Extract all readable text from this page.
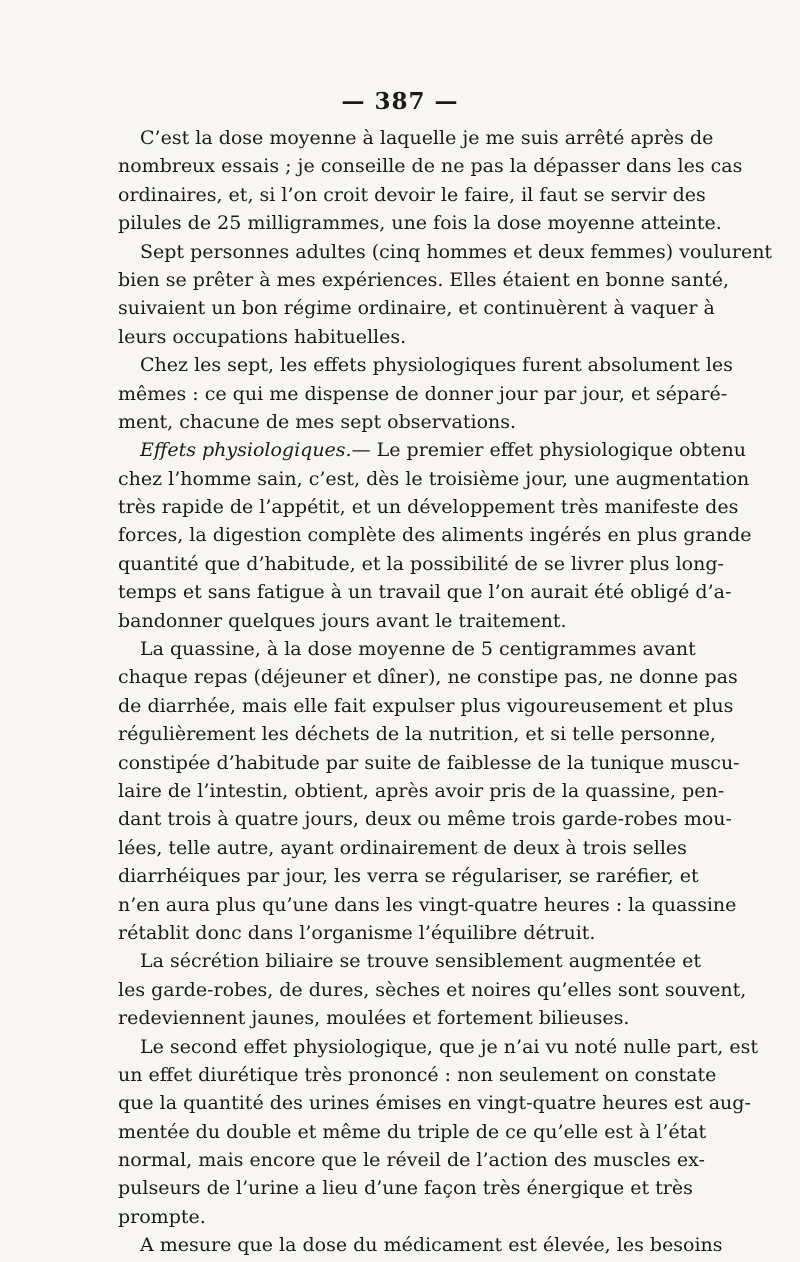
— 387 —
C’est la dose moyenne à laquelle je me suis arrêté après de
nombreux essais ; je conseille de ne pas la dépasser dans les cas
ordinaires, et, si l’on croit devoir le faire, il faut se servir des
pilules de 25 milligrammes, une fois la dose moyenne atteinte.
Sept personnes adultes (cinq hommes et deux femmes) voulurent
bien se prêter à mes expériences. Elles étaient en bonne santé,
suivaient un bon régime ordinaire, et continuèrent à vaquer à
leurs occupations habituelles.
Chez les sept, les effets physiologiques furent absolument les
mêmes : ce qui me dispense de donner jour par jour, et séparé-
ment, chacune de mes sept observations.
Effets physiologiques.— Le premier effet physiologique obtenu
chez l’homme sain, c’est, dès le troisième jour, une augmentation
très rapide de l’appétit, et un développement très manifeste des
forces, la digestion complète des aliments ingérés en plus grande
quantité que d’habitude, et la possibilité de se livrer plus long-
temps et sans fatigue à un travail que l’on aurait été obligé d’a-
bandonner quelques jours avant le traitement.
La quassine, à la dose moyenne de 5 centigrammes avant
chaque repas (déjeuner et dîner), ne constipe pas, ne donne pas
de diarrhée, mais elle fait expulser plus vigoureusement et plus
régulièrement les déchets de la nutrition, et si telle personne,
constipée d’habitude par suite de faiblesse de la tunique muscu-
laire de l’intestin, obtient, après avoir pris de la quassine, pen-
dant trois à quatre jours, deux ou même trois garde-robes mou-
lées, telle autre, ayant ordinairement de deux à trois selles
diarrhéiques par jour, les verra se régulariser, se raréfier, et
n’en aura plus qu’une dans les vingt-quatre heures : la quassine
rétablit donc dans l’organisme l’équilibre détruit.
La sécrétion biliaire se trouve sensiblement augmentée et
les garde-robes, de dures, sèches et noires qu’elles sont souvent,
redeviennent jaunes, moulées et fortement bilieuses.
Le second effet physiologique, que je n’ai vu noté nulle part, est
un effet diurétique très prononcé : non seulement on constate
que la quantité des urines émises en vingt-quatre heures est aug-
mentée du double et même du triple de ce qu’elle est à l’état
normal, mais encore que le réveil de l’action des muscles ex-
pulseurs de l’urine a lieu d’une façon très énergique et très
prompte.
A mesure que la dose du médicament est élevée, les besoins
